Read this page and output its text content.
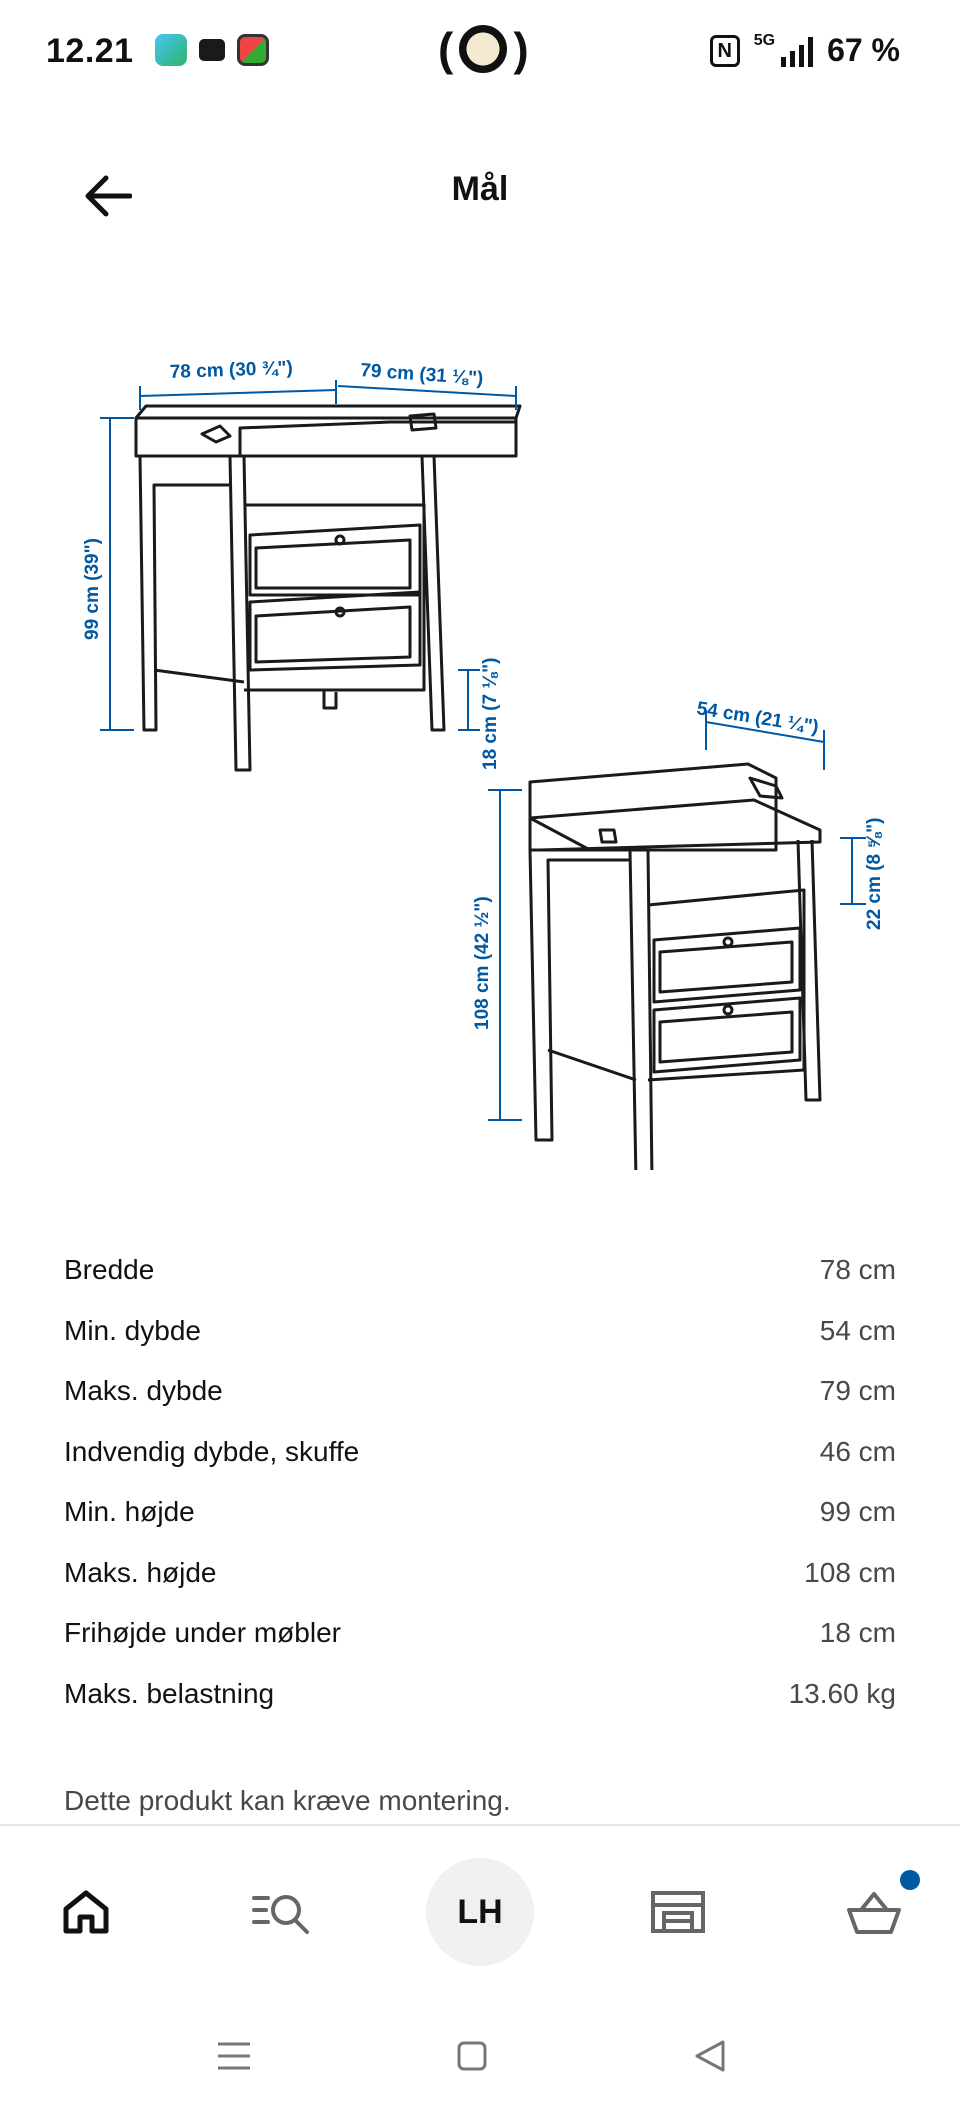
12.21	( )	N	5G 67 %
Mål
78 cm (30 ¾")	79 cm (31 ⅛")
99 cm (39")
18 cm (7 ⅛")	54 cm (21 ¼")
108 cm (42 ½")
22 cm (8 ⅝")
Bredde	78 cm
Min. dybde	54 cm
Maks. dybde	79 cm
Indvendig dybde, skuffe	46 cm
Min. højde	99 cm
Maks. højde	108 cm
Frihøjde under møbler	18 cm
Maks. belastning	13.60 kg
Dette produkt kan kræve montering.
LH
